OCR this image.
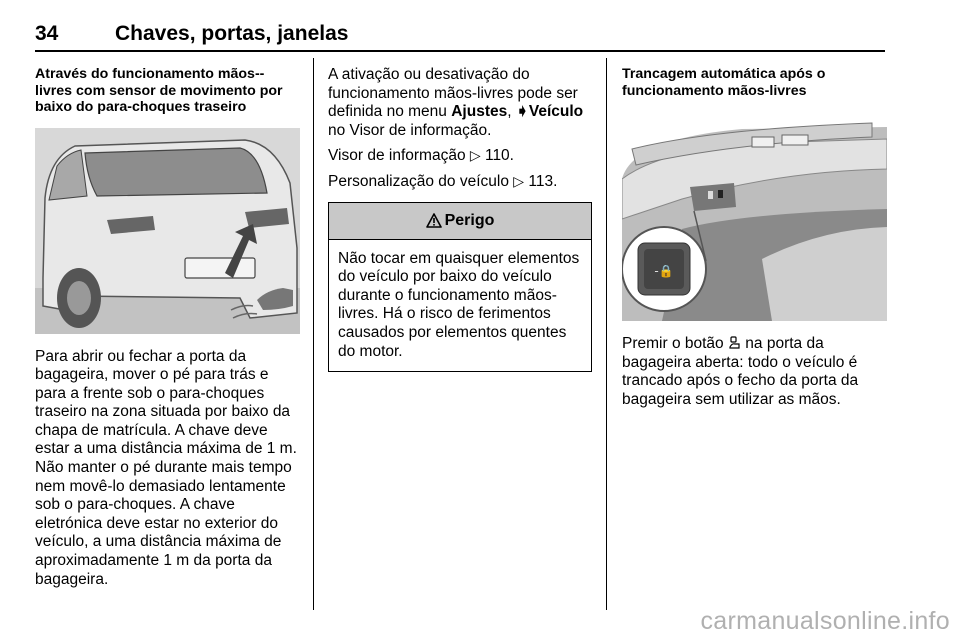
34	Chaves, portas, janelas

Através do funcionamento mãos--livres com sensor de movimento por baixo do para-choques traseiro

Para abrir ou fechar a porta da bagageira, mover o pé para trás e para a frente sob o para-choques traseiro na zona situada por baixo da chapa de matrícula. A chave deve estar a uma distância máxima de 1 m. Não manter o pé durante mais tempo nem movê-lo demasiado lentamente sob o para-choques. A chave eletrónica deve estar no exterior do veículo, a uma distância máxima de aproximadamente 1 m da porta da bagageira.

A ativação ou desativação do funcionamento mãos-livres pode ser definida no menu Ajustes, ➧Veículo no Visor de informação.

Visor de informação ▷ 110.

Personalização do veículo ▷ 113.

Perigo
Não tocar em quaisquer elementos do veículo por baixo do veículo durante o funcionamento mãos-livres. Há o risco de ferimentos causados por elementos quentes do motor.

Trancagem automática após o funcionamento mãos-livres

-🔒

Premir o botão  na porta da bagageira aberta: todo o veículo é trancado após o fecho da porta da bagageira sem utilizar as mãos.

carmanualsonline.info
